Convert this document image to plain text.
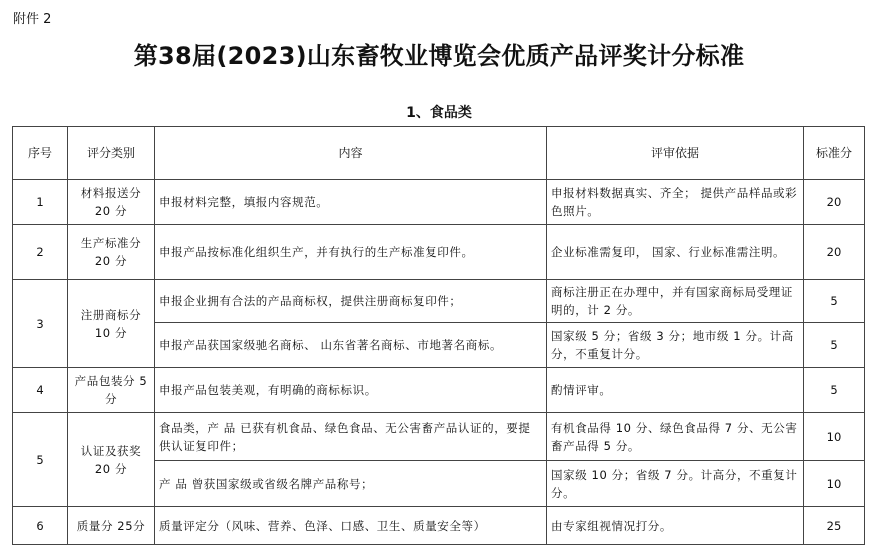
附件 2
第38届(2023)山东畜牧业博览会优质产品评奖计分标准
1、食品类
序号	评分类别	内容	评审依据	标准分
1	材料报送分 20 分	申报材料完整，填报内容规范。	申报材料数据真实、齐全； 提供产品样品或彩色照片。	20
2	生产标准分 20 分	申报产品按标准化组织生产，并有执行的生产标准复印件。	企业标准需复印， 国家、行业标准需注明。	20
3	注册商标分 10 分	申报企业拥有合法的产品商标权，提供注册商标复印件；	商标注册正在办理中，并有国家商标局受理证明的，计 2 分。	5
		申报产品获国家级驰名商标、 山东省著名商标、市地著名商标。	国家级 5 分；省级 3 分；地市级 1 分。计高分，不重复计分。	5
4	产品包装分 5 分	申报产品包装美观，有明确的商标标识。	酌情评审。	5
5	认证及获奖 20 分	食品类，产 品 已获有机食品、绿色食品、无公害畜产品认证的，要提供认证复印件；	有机食品得 10 分、绿色食品得 7 分、无公害畜产品得 5 分。	10
		产 品 曾获国家级或省级名牌产品称号；	国家级 10 分；省级 7 分。计高分，不重复计分。	10
6	质量分 25分	质量评定分（风味、营养、色泽、口感、卫生、质量安全等）	由专家组视情况打分。	25
